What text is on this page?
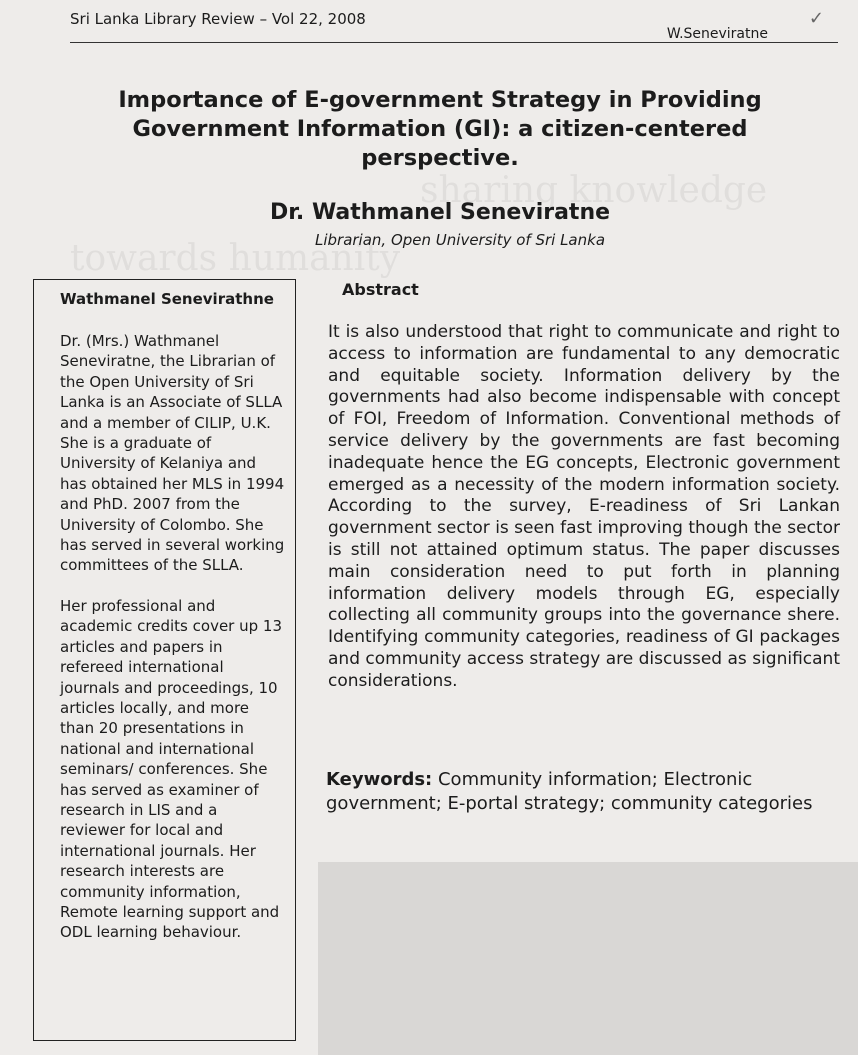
Sri Lanka Library Review – Vol 22, 2008
W.Seneviratne
✓
sharing knowledge
towards humanity
Importance of E-government Strategy in Providing Government Information (GI): a citizen-centered perspective.
Dr. Wathmanel Seneviratne
Librarian, Open University of Sri Lanka

Wathmanel Senevirathne

Dr. (Mrs.) Wathmanel Seneviratne, the Librarian of the Open University of Sri Lanka is an Associate of SLLA and a member of CILIP, U.K. She is a graduate of University of Kelaniya and has obtained her MLS in 1994 and PhD. 2007 from the University of Colombo. She has served in several working committees of the SLLA.

Her professional and academic credits cover up 13 articles and papers in refereed international journals and proceedings, 10 articles locally, and more than 20 presentations in national and international seminars/ conferences. She has served as examiner of research in LIS and a reviewer for local and international journals. Her research interests are community information, Remote learning support and ODL learning behaviour.

Abstract

It is also understood that right to communicate and right to access to information are fundamental to any democratic and equitable society. Information delivery by the governments had also become indispensable with concept of FOI, Freedom of Information. Conventional methods of service delivery by the governments are fast becoming inadequate hence the EG concepts, Electronic government emerged as a necessity of the modern information society. According to the survey, E-readiness of Sri Lankan government sector is seen fast improving though the sector is still not attained optimum status. The paper discusses main consideration need to put forth in planning information delivery models through EG, especially collecting all community groups into the governance shere. Identifying community categories, readiness of GI packages and community access strategy are discussed as significant considerations.

Keywords: Community information; Electronic government; E-portal strategy; community categories
